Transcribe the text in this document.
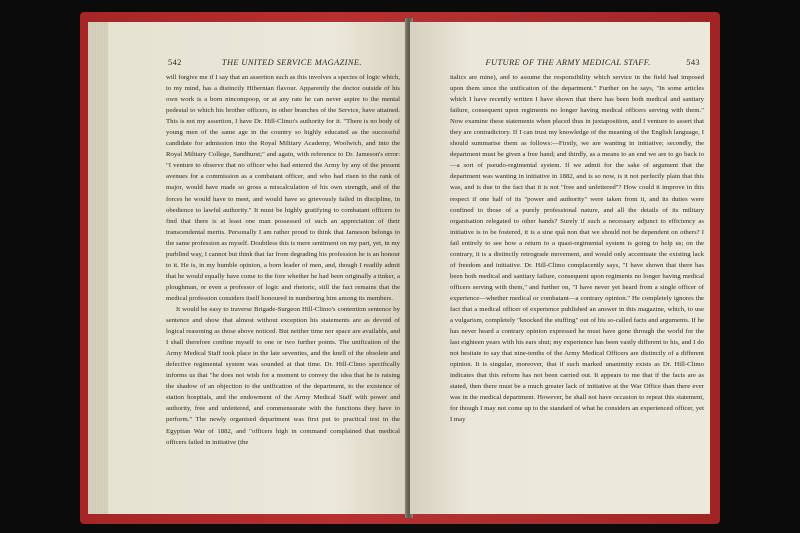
542	THE UNITED SERVICE MAGAZINE.

will forgive me if I say that an assertion such as this involves a species of logic which, to my mind, has a distinctly Hibernian flavour. Apparently the doctor outside of his own work is a born nincompoop, or at any rate he can never aspire to the mental pedestal to which his brother officers, in other branches of the Service, have attained. This is not my assertion, I have Dr. Hill-Climo's authority for it. "There is no body of young men of the same age in the country so highly educated as the successful candidate for admission into the Royal Military Academy, Woolwich, and into the Royal Military College, Sandhurst;" and again, with reference to Dr. Jameson's error: "I venture to observe that no officer who had entered the Army by any of the present avenues for a commission as a combatant officer, and who had risen to the rank of major, would have made so gross a miscalculation of his own strength, and of the forces he would have to meet, and would have so grievously failed in discipline, in obedience to lawful authority." It must be highly gratifying to combatant officers to find that there is at least one man possessed of such an appreciation of their transcendental merits. Personally I am rather proud to think that Jameson belongs to the same profession as myself. Doubtless this is mere sentiment on my part, yet, in my purblind way, I cannot but think that far from degrading his profession he is an honour to it. He is, in my humble opinion, a born leader of men, and, though I readily admit that he would equally have come to the fore whether he had been originally a tinker, a ploughman, or even a professor of logic and rhetoric, still the fact remains that the medical profession considers itself honoured in numbering him among its members.

It would be easy to traverse Brigade-Surgeon Hill-Climo's contention sentence by sentence and show that almost without exception his statements are as devoid of logical reasoning as those above noticed. But neither time nor space are available, and I shall therefore confine myself to one or two further points. The unification of the Army Medical Staff took place in the late seventies, and the knell of the obsolete and defective regimental system was sounded at that time. Dr. Hill-Climo specifically informs us that "he does not wish for a moment to convey the idea that he is raising the shadow of an objection to the unification of the department, to the existence of station hospitals, and the endowment of the Army Medical Staff with power and authority, free and unfettered, and commensurate with the functions they have to perform." The newly organised department was first put to practical test in the Egyptian War of 1882, and "officers high in command complained that medical officers failed in initiative (the

FUTURE OF THE ARMY MEDICAL STAFF.	543

italics are mine), and to assume the responsibility which service in the field had imposed upon them since the unification of the department." Further on he says, "In some articles which I have recently written I have shown that there has been both medical and sanitary failure, consequent upon regiments no longer having medical officers serving with them." Now examine these statements when placed thus in juxtaposition, and I venture to assert that they are contradictory. If I can trust my knowledge of the meaning of the English language, I should summarise them as follows:—Firstly, we are wanting in initiative; secondly, the department must be given a free hand; and thirdly, as a means to an end we are to go back to—a sort of pseudo-regimental system. If we admit for the sake of argument that the department was wanting in initiative in 1882, and is so now, is it not perfectly plain that this was, and is due to the fact that it is not "free and unfettered"? How could it improve in this respect if one half of its "power and authority" were taken from it, and its duties were confined to those of a purely professional nature, and all the details of its military organisation relegated to other hands? Surely if such a necessary adjunct to efficiency as initiative is to be fostered, it is a sine quâ non that we should not be dependent on others? I fail entirely to see how a return to a quasi-regimental system is going to help us; on the contrary, it is a distinctly retrograde movement, and would only accentuate the existing lack of freedom and initiative. Dr. Hill-Climo complacently says, "I have shown that there has been both medical and sanitary failure, consequent upon regiments no longer having medical officers serving with them," and further on, "I have never yet heard from a single officer of experience—whether medical or combatant—a contrary opinion." He completely ignores the fact that a medical officer of experience published an answer in this magazine, which, to use a vulgarism, completely "knocked the stuffing" out of his so-called facts and arguments. If he has never heard a contrary opinion expressed he must have gone through the world for the last eighteen years with his ears shut; my experience has been vastly different to his, and I do not hesitate to say that nine-tenths of the Army Medical Officers are distinctly of a different opinion. It is singular, moreover, that if such marked unanimity exists as Dr. Hill-Climo indicates that this reform has not been carried out. It appears to me that if the facts are as stated, then there must be a much greater lack of initiative at the War Office than there ever was in the medical department. However, be shall not have occasion to repeat this statement, for though I may not come up to the standard of what he considers an experienced officer, yet I may
